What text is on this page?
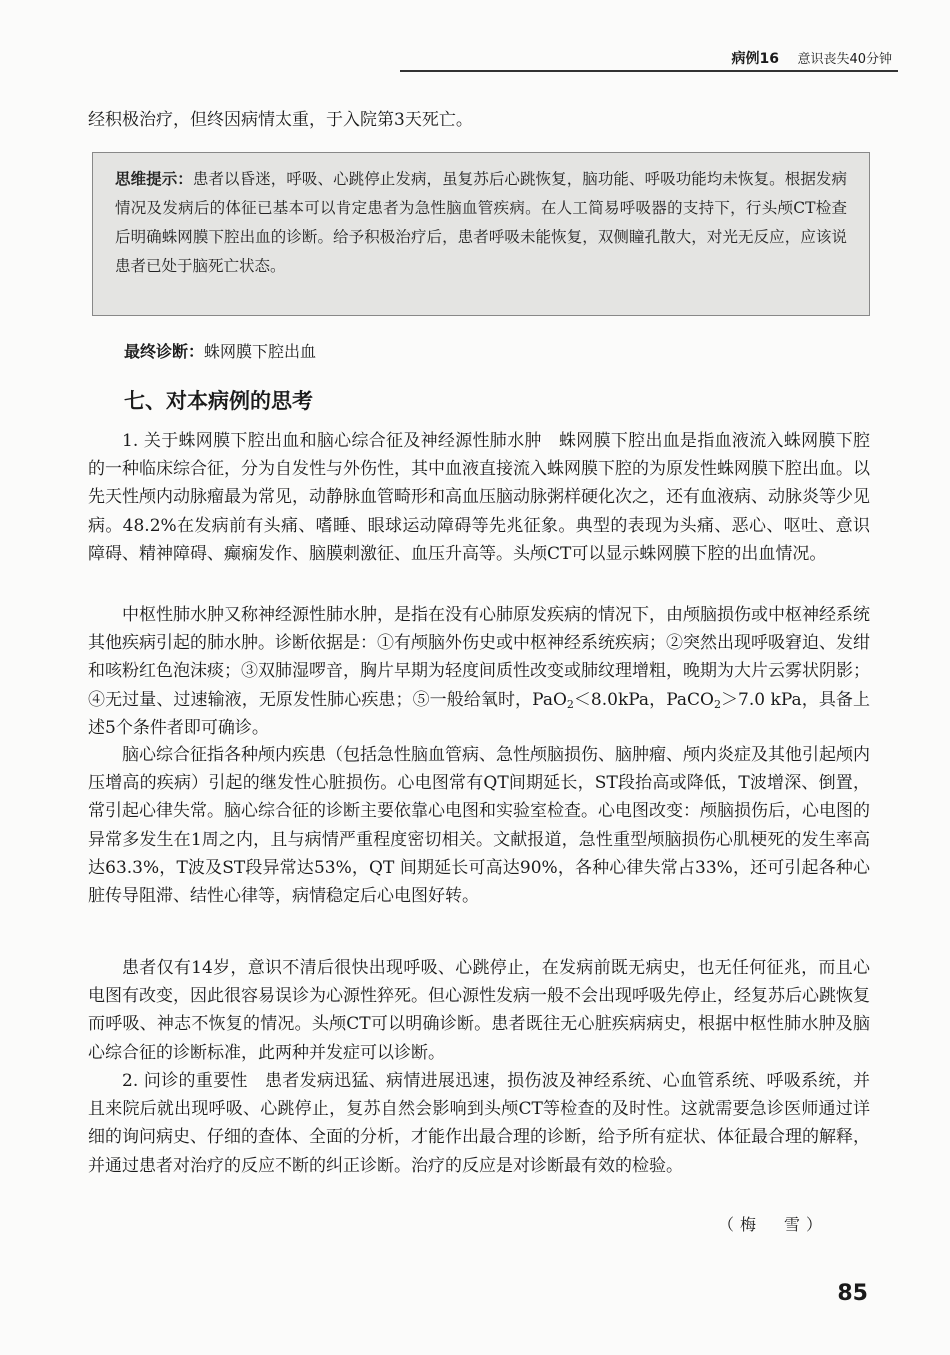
病例16 意识丧失40分钟

经积极治疗，但终因病情太重，于入院第3天死亡。

思维提示：患者以昏迷，呼吸、心跳停止发病，虽复苏后心跳恢复，脑功能、呼吸功能均未恢复。根据发病情况及发病后的体征已基本可以肯定患者为急性脑血管疾病。在人工简易呼吸器的支持下，行头颅CT检查后明确蛛网膜下腔出血的诊断。给予积极治疗后，患者呼吸未能恢复，双侧瞳孔散大，对光无反应，应该说患者已处于脑死亡状态。
最终诊断：蛛网膜下腔出血
七、对本病例的思考

1. 关于蛛网膜下腔出血和脑心综合征及神经源性肺水肿　蛛网膜下腔出血是指血液流入蛛网膜下腔的一种临床综合征，分为自发性与外伤性，其中血液直接流入蛛网膜下腔的为原发性蛛网膜下腔出血。以先天性颅内动脉瘤最为常见，动静脉血管畸形和高血压脑动脉粥样硬化次之，还有血液病、动脉炎等少见病。48.2%在发病前有头痛、嗜睡、眼球运动障碍等先兆征象。典型的表现为头痛、恶心、呕吐、意识障碍、精神障碍、癫痫发作、脑膜刺激征、血压升高等。头颅CT可以显示蛛网膜下腔的出血情况。

中枢性肺水肿又称神经源性肺水肿，是指在没有心肺原发疾病的情况下，由颅脑损伤或中枢神经系统其他疾病引起的肺水肿。诊断依据是：①有颅脑外伤史或中枢神经系统疾病；②突然出现呼吸窘迫、发绀和咳粉红色泡沫痰；③双肺湿啰音，胸片早期为轻度间质性改变或肺纹理增粗，晚期为大片云雾状阴影；④无过量、过速输液，无原发性肺心疾患；⑤一般给氧时，PaO$_2$＜8.0kPa，PaCO$_2$＞7.0 kPa，具备上述5个条件者即可确诊。

脑心综合征指各种颅内疾患（包括急性脑血管病、急性颅脑损伤、脑肿瘤、颅内炎症及其他引起颅内压增高的疾病）引起的继发性心脏损伤。心电图常有QT间期延长，ST段抬高或降低，T波增深、倒置，常引起心律失常。脑心综合征的诊断主要依靠心电图和实验室检查。心电图改变：颅脑损伤后，心电图的异常多发生在1周之内，且与病情严重程度密切相关。文献报道，急性重型颅脑损伤心肌梗死的发生率高达63.3%，T波及ST段异常达53%，QT 间期延长可高达90%，各种心律失常占33%，还可引起各种心脏传导阻滞、结性心律等，病情稳定后心电图好转。

患者仅有14岁，意识不清后很快出现呼吸、心跳停止，在发病前既无病史，也无任何征兆，而且心电图有改变，因此很容易误诊为心源性猝死。但心源性发病一般不会出现呼吸先停止，经复苏后心跳恢复而呼吸、神志不恢复的情况。头颅CT可以明确诊断。患者既往无心脏疾病病史，根据中枢性肺水肿及脑心综合征的诊断标准，此两种并发症可以诊断。

2. 问诊的重要性　患者发病迅猛、病情进展迅速，损伤波及神经系统、心血管系统、呼吸系统，并且来院后就出现呼吸、心跳停止，复苏自然会影响到头颅CT等检查的及时性。这就需要急诊医师通过详细的询问病史、仔细的查体、全面的分析，才能作出最合理的诊断，给予所有症状、体征最合理的解释，并通过患者对治疗的反应不断的纠正诊断。治疗的反应是对诊断最有效的检验。

（梅　雪）
85
